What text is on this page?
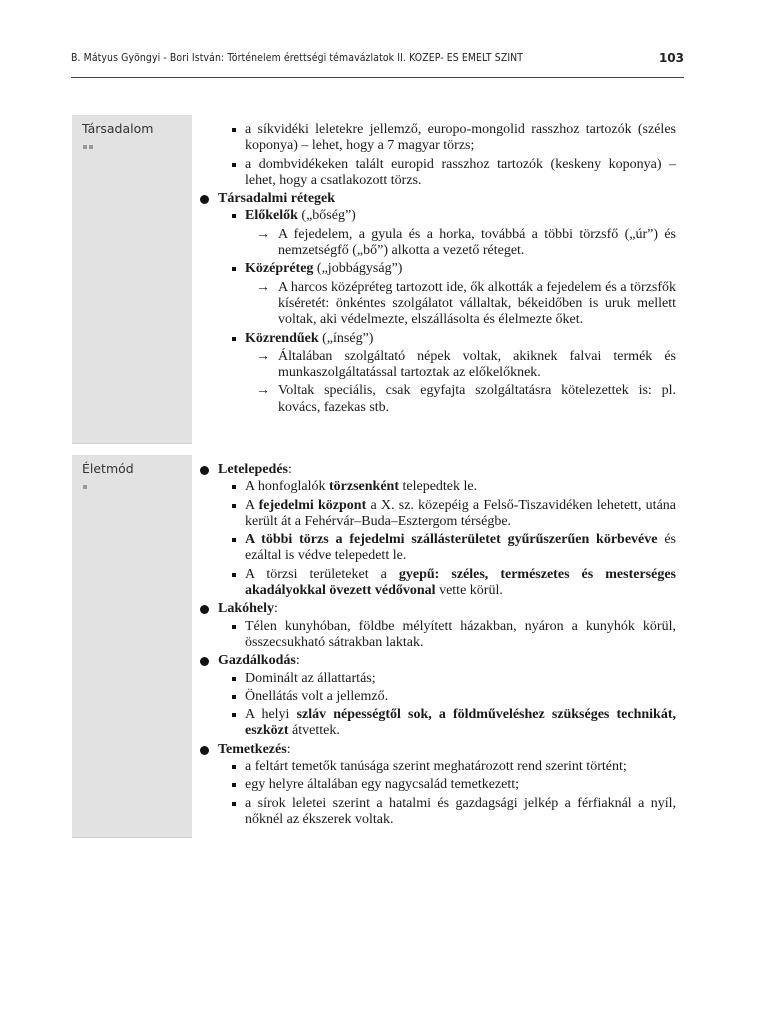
B. Mátyus Gyöngyi - Bori István: Történelem érettségi témavázlatok II. KOZEP- ES EMELT SZINT	103
Társadalom	a síkvidéki leletekre jellemző, europo-mongolid rasszhoz tartozók (széles koponya) – lehet, hogy a 7 magyar törzs;
a dombvidékeken talált europid rasszhoz tartozók (keskeny koponya) – lehet, hogy a csatlakozott törzs.
Társadalmi rétegek
Előkelők („bőség”)
→ A fejedelem, a gyula és a horka, továbbá a többi törzsfő („úr”) és nemzetségfő („bő”) alkotta a vezető réteget.
Középréteg („jobbágyság”)
→ A harcos középréteg tartozott ide, ők alkották a fejedelem és a törzsfők kíséretét: önkéntes szolgálatot vállaltak, békeidőben is uruk mellett voltak, aki védelmezte, elszállásolta és élelmezte őket.
Közrendűek („ínség”)
→ Általában szolgáltató népek voltak, akiknek falvai termék és munkaszolgáltatással tartoztak az előkelőknek.
→ Voltak speciális, csak egyfajta szolgáltatásra kötelezettek is: pl. kovács, fazekas stb.
Életmód	Letelepedés:
A honfoglalók törzsenként telepedtek le.
A fejedelmi központ a X. sz. közepéig a Felső-Tiszavidéken lehetett, utána került át a Fehérvár–Buda–Esztergom térségbe.
A többi törzs a fejedelmi szállásterületet gyűrűszerűen körbevéve és ezáltal is védve telepedett le.
A törzsi területeket a gyepű: széles, természetes és mesterséges akadályokkal övezett védővonal vette körül.
Lakóhely:
Télen kunyhóban, földbe mélyített házakban, nyáron a kunyhók körül, összecsukható sátrakban laktak.
Gazdálkodás:
Dominált az állattartás;
Önellátás volt a jellemző.
A helyi szláv népességtől sok, a földműveléshez szükséges technikát, eszközt átvettek.
Temetkezés:
a feltárt temetők tanúsága szerint meghatározott rend szerint történt;
egy helyre általában egy nagycsalád temetkezett;
a sírok leletei szerint a hatalmi és gazdagsági jelkép a férfiaknál a nyíl, nőknél az ékszerek voltak.
